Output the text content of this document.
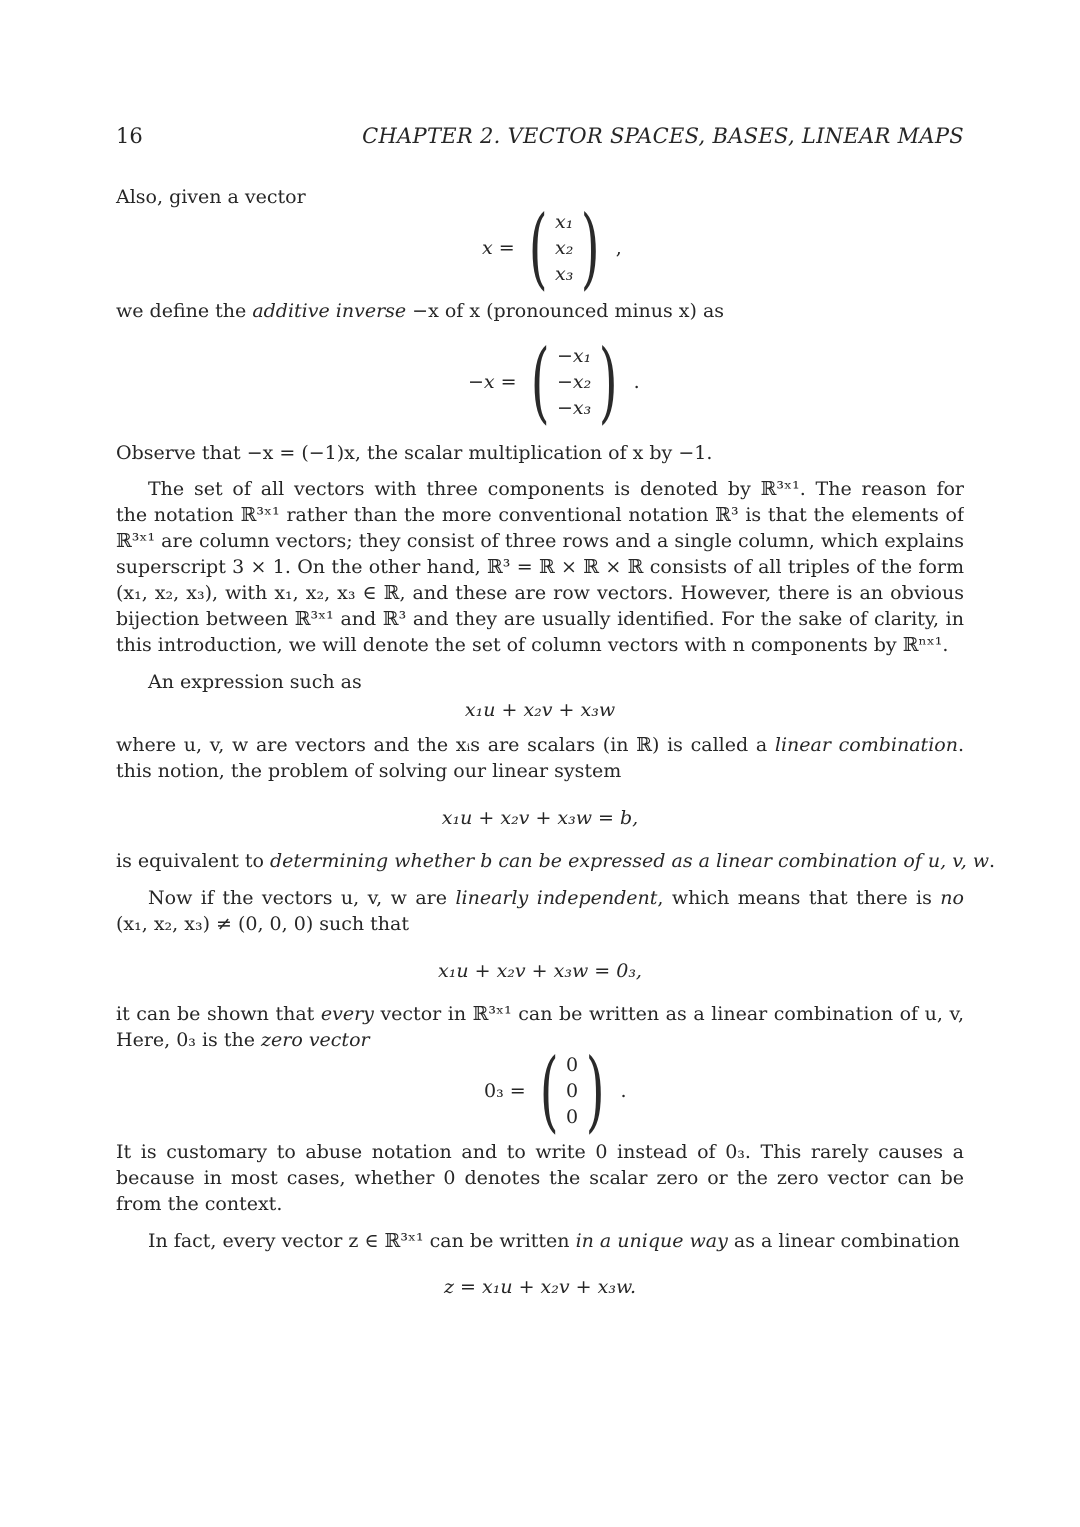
16	CHAPTER 2. VECTOR SPACES, BASES, LINEAR MAPS
Also, given a vector
x = ( x₁
x₂
x₃ ) ,
we define the additive inverse −x of x (pronounced minus x) as
−x = ( −x₁
−x₂
−x₃ ) .
Observe that −x = (−1)x, the scalar multiplication of x by −1.
The set of all vectors with three components is denoted by ℝ³ˣ¹. The reason for
the notation ℝ³ˣ¹ rather than the more conventional notation ℝ³ is that the elements of
ℝ³ˣ¹ are column vectors; they consist of three rows and a single column, which explains
superscript 3 × 1. On the other hand, ℝ³ = ℝ × ℝ × ℝ consists of all triples of the form
(x₁, x₂, x₃), with x₁, x₂, x₃ ∈ ℝ, and these are row vectors. However, there is an obvious
bijection between ℝ³ˣ¹ and ℝ³ and they are usually identified. For the sake of clarity, in
this introduction, we will denote the set of column vectors with n components by ℝⁿˣ¹.
An expression such as
x₁u + x₂v + x₃w
where u, v, w are vectors and the xᵢs are scalars (in ℝ) is called a linear combination.
this notion, the problem of solving our linear system
x₁u + x₂v + x₃w = b,
is equivalent to determining whether b can be expressed as a linear combination of u, v, w.
Now if the vectors u, v, w are linearly independent, which means that there is no
(x₁, x₂, x₃) ≠ (0, 0, 0) such that
x₁u + x₂v + x₃w = 0₃,
it can be shown that every vector in ℝ³ˣ¹ can be written as a linear combination of u, v,
Here, 0₃ is the zero vector
0₃ = ( 0
0
0 ) .
It is customary to abuse notation and to write 0 instead of 0₃. This rarely causes a
because in most cases, whether 0 denotes the scalar zero or the zero vector can be
from the context.
In fact, every vector z ∈ ℝ³ˣ¹ can be written in a unique way as a linear combination
z = x₁u + x₂v + x₃w.
